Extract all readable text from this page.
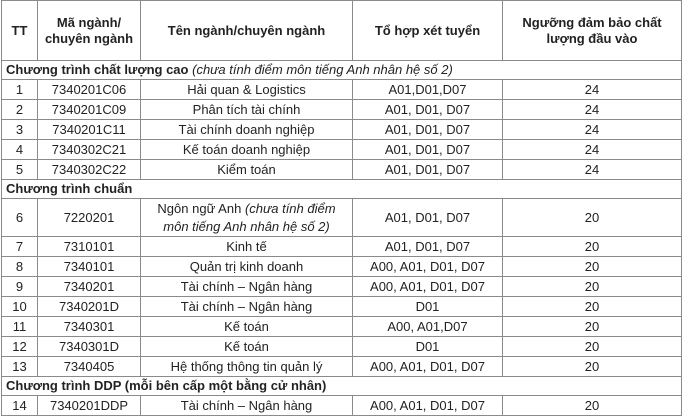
TT	Mã ngành/ chuyên ngành	Tên ngành/chuyên ngành	Tổ hợp xét tuyển	Ngưỡng đảm bảo chất lượng đầu vào
Chương trình chất lượng cao (chưa tính điểm môn tiếng Anh nhân hệ số 2)				
1	7340201C06	Hải quan & Logistics	A01,D01,D07	24
2	7340201C09	Phân tích tài chính	A01, D01, D07	24
3	7340201C11	Tài chính doanh nghiệp	A01, D01, D07	24
4	7340302C21	Kế toán doanh nghiệp	A01, D01, D07	24
5	7340302C22	Kiểm toán	A01, D01, D07	24
Chương trình chuẩn				
6	7220201	Ngôn ngữ Anh (chưa tính điểm môn tiếng Anh nhân hệ số 2)	A01, D01, D07	20
7	7310101	Kinh tế	A01, D01, D07	20
8	7340101	Quản trị kinh doanh	A00, A01, D01, D07	20
9	7340201	Tài chính – Ngân hàng	A00, A01, D01, D07	20
10	7340201D	Tài chính – Ngân hàng	D01	20
11	7340301	Kế toán	A00, A01,D07	20
12	7340301D	Kế toán	D01	20
13	7340405	Hệ thống thông tin quản lý	A00, A01, D01, D07	20
Chương trình DDP (mỗi bên cấp một bằng cử nhân)				
14	7340201DDP	Tài chính – Ngân hàng	A00, A01, D01, D07	20
